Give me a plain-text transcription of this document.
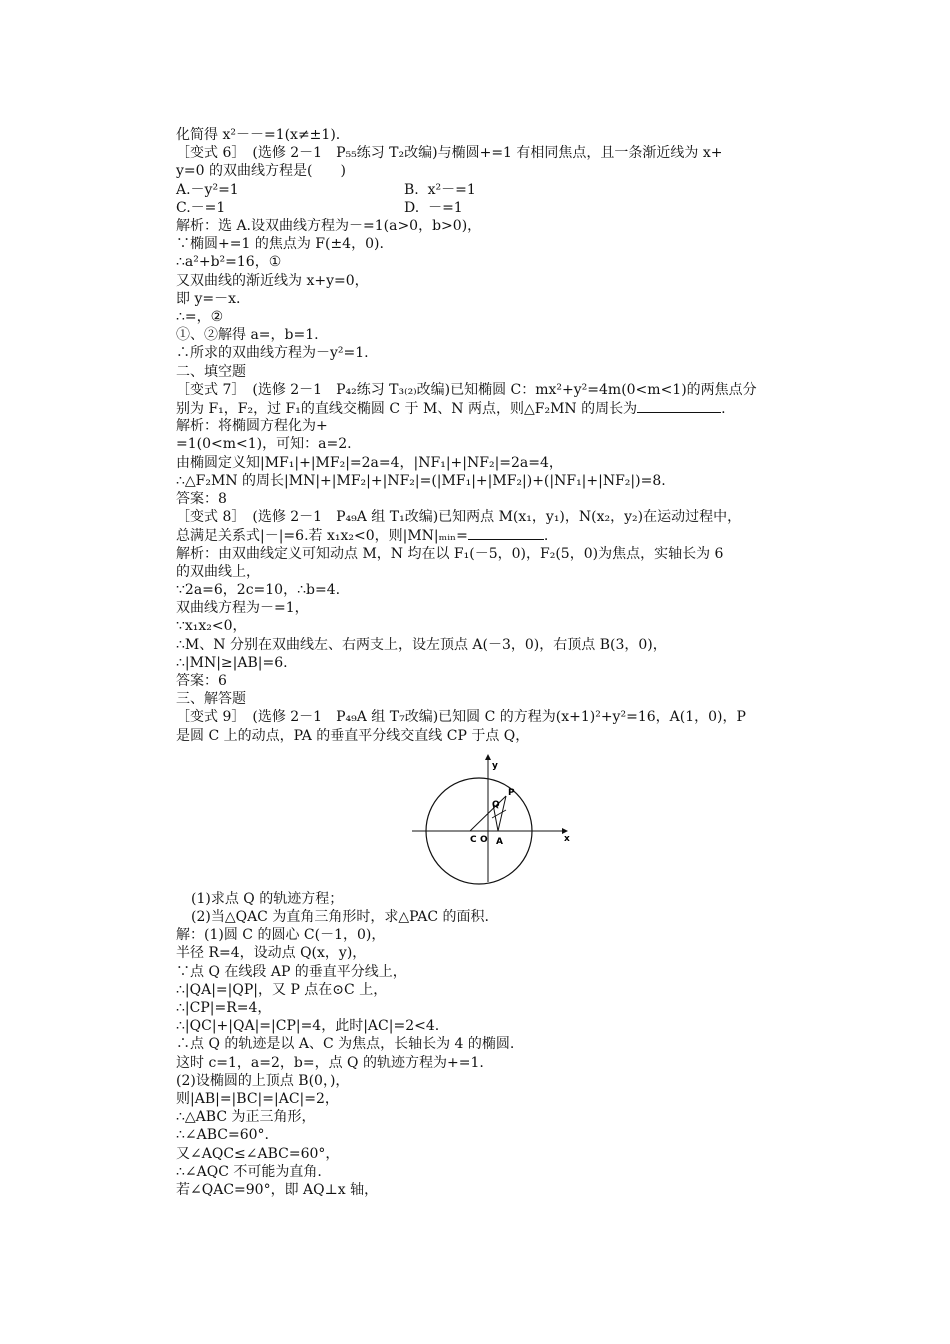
化简得 x²－－=1(x≠±1).
［变式 6］　(选修 2－1　P₅₅练习 T₂改编)与椭圆+=1 有相同焦点，且一条渐近线为 x+
y=0 的双曲线方程是(　　)
A.－y²=1	B.  x²－=1
C.－=1	D.  －=1
解析：选 A.设双曲线方程为－=1(a>0，b>0)，
∵椭圆+=1 的焦点为 F(±4，0).
∴a²+b²=16，①
又双曲线的渐近线为 x+y=0，
即 y=－x.
∴=，②
①、②解得 a=，b=1.
∴所求的双曲线方程为－y²=1.
二、填空题
［变式 7］　(选修 2－1　P₄₂练习 T₃₍₂₎改编)已知椭圆 C：mx²+y²=4m(0<m<1)的两焦点分
别为 F₁，F₂，过 F₁的直线交椭圆 C 于 M、N 两点，则△F₂MN 的周长为	.
解析：将椭圆方程化为+
=1(0<m<1)，可知：a=2.
由椭圆定义知|MF₁|+|MF₂|=2a=4，|NF₁|+|NF₂|=2a=4，
∴△F₂MN 的周长|MN|+|MF₂|+|NF₂|=(|MF₁|+|MF₂|)+(|NF₁|+|NF₂|)=8.
答案：8
［变式 8］　(选修 2－1　P₄₉A 组 T₁改编)已知两点 M(x₁，y₁)，N(x₂，y₂)在运动过程中，
总满足关系式|－|=6.若 x₁x₂<0，则|MN|ₘᵢₙ=	.
解析：由双曲线定义可知动点 M，N 均在以 F₁(－5，0)，F₂(5，0)为焦点，实轴长为 6
的双曲线上，
∵2a=6，2c=10，∴b=4.
双曲线方程为－=1，
∵x₁x₂<0，
∴M、N 分别在双曲线左、右两支上，设左顶点 A(－3，0)，右顶点 B(3，0)，
∴|MN|≥|AB|=6.
答案：6
三、解答题
［变式 9］　(选修 2－1　P₄₉A 组 T₇改编)已知圆 C 的方程为(x+1)²+y²=16，A(1，0)，P
是圆 C 上的动点，PA 的垂直平分线交直线 CP 于点 Q，
y
x
P
Q
C O A
(1)求点 Q 的轨迹方程；
(2)当△QAC 为直角三角形时，求△PAC 的面积.
解：(1)圆 C 的圆心 C(－1，0)，
半径 R=4，设动点 Q(x，y)，
∵点 Q 在线段 AP 的垂直平分线上，
∴|QA|=|QP|，又 P 点在⊙C 上，
∴|CP|=R=4，
∴|QC|+|QA|=|CP|=4，此时|AC|=2<4.
∴点 Q 的轨迹是以 A、C 为焦点，长轴长为 4 的椭圆.
这时 c=1，a=2，b=，点 Q 的轨迹方程为+=1.
(2)设椭圆的上顶点 B(0，)，
则|AB|=|BC|=|AC|=2，
∴△ABC 为正三角形，
∴∠ABC=60°.
又∠AQC≤∠ABC=60°，
∴∠AQC 不可能为直角.
若∠QAC=90°，即 AQ⊥x 轴，
